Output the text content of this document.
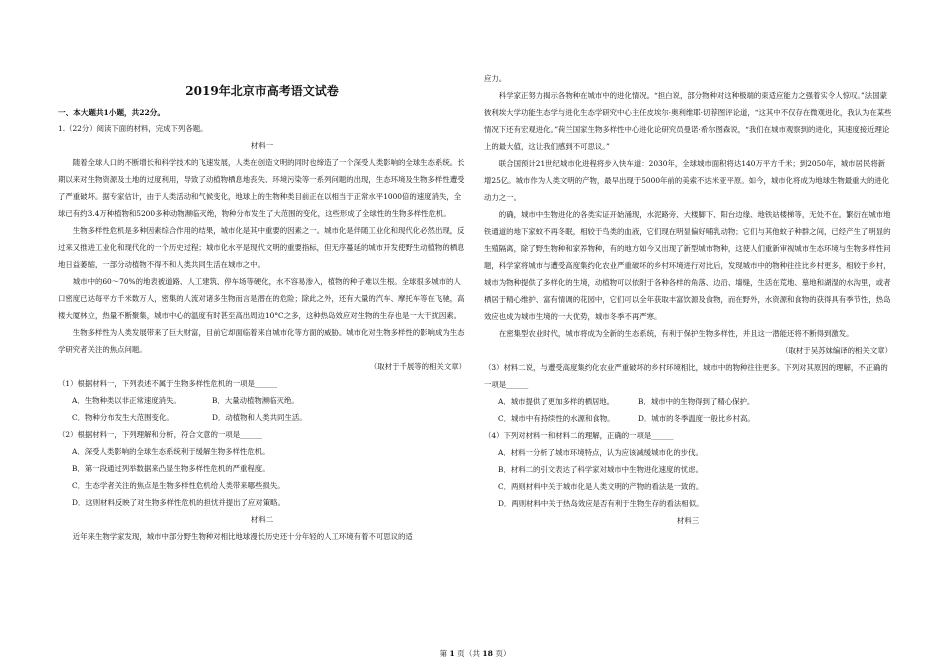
2019年北京市高考语文试卷
一、本大题共1小题，共22分。

1.（22分）阅读下面的材料，完成下列各题。

材料一

随着全球人口的不断增长和科学技术的飞速发展，人类在创造文明的同时也缔造了一个深受人类影响的全球生态系统。长期以来对生物资源及土地的过度利用，导致了动植物栖息地丧失、环境污染等一系列问题的出现，生态环境及生物多样性遭受了严重破坏。据专家估计，由于人类活动和气候变化，地球上的生物种类目前正在以相当于正常水平1000倍的速度消失，全球已有约3.4万种植物和5200多种动物濒临灭绝，物种分布发生了大范围的变化，这些形成了全球性的生物多样性危机。

生物多样性危机是多种因素综合作用的结果，城市化是其中重要的因素之一。城市化是伴随工业化和现代化必然出现，反过来又推进工业化和现代化的一个历史过程；城市化水平是现代文明的重要指标，但无序蔓延的城市开发使野生动植物的栖息地日益萎缩，一部分动植物不得不和人类共同生活在城市之中。

城市中的60～70%的地表被道路、人工建筑、停车场等硬化，水不容易渗入，植物的种子难以生根。全球很多城市的人口密度已达每平方千米数万人，密集的人流对诸多生物而言是潜在的危险；除此之外，还有大量的汽车、摩托车等在飞驰，高楼大厦林立，热量不断聚集，城市中心的温度有时甚至高出周边10°C之多，这种热岛效应对生物的生存也是一大干扰因素。

生物多样性为人类发展带来了巨大财富，目前它却面临着来自城市化等方面的威胁。城市化对生物多样性的影响成为生态学研究者关注的焦点问题。

（取材于千展等的相关文章）

（1）根据材料一，下列表述不属于生物多样性危机的一项是______

A．生物种类以非正常速度消失。	B．大量动植物濒临灭绝。

C．物种分布发生大范围变化。	D．动植物和人类共同生活。

（2）根据材料一，下列理解和分析，符合文意的一项是______

A．深受人类影响的全球生态系统利于缓解生物多样性危机。

B．第一段通过列举数据来凸显生物多样性危机的严重程度。

C．生态学者关注的焦点是生物多样性危机给人类带来哪些损失。

D．这则材料反映了对生物多样性危机的担忧并提出了应对策略。

材料二

近年来生物学家发现，城市中部分野生物种对相比地球漫长历史还十分年轻的人工环境有着不可思议的适

应力。

科学家正努力揭示各物种在城市中的进化情况。“担白说，部分物种对这种极端的束适应能力之强着实令人惊叹。”法国蒙彼利埃大学功能生态学与进化生态学研究中心主任皮埃尔·奥利维耶·切荐图评论道，“这其中不仅存在微观进化，我认为在某些情况下还有宏观进化。”荷兰国家生物多样性中心进化论研究员曼诺·希尔图森说，“我们在城市观察到的进化，其速度接近理论上的最大值，这让我们感到不可思议。”

联合国预计21世纪城市化进程将步入快车道：2030年，全球城市面积将达140万平方千米；到2050年，城市居民将新增25亿。城市作为人类文明的产物，最早出现于5000年前的美索不达米亚平原。如今，城市化将成为地球生物最重大的进化动力之一。

的确，城市中生物进化的各类实证开始涌现，水泥路旁、大楼脚下、阳台边缘、地铁站楼梯等，无处不在。繁衍在城市地铁通道的地下家蚊不再冬眠，相较于鸟类的血液，它们现在明显偏好哺乳动物；它们与其他蚊子种群之间，已经产生了明显的生殖隔离，除了野生物种和家养物种，有的地方如今又出现了新型城市物种，这使人们重新审视城市生态环境与生物多样性问题，科学家将城市与遭受高度集约化农业严重破坏的乡村环境进行对比后，发现城市中的物种往往比乡村更多，相较于乡村，城市为物种提供了多样化的生境，动植物可以依附于各种各样的角落、边沿、墙缝，生活在荒地、墓地和湖湿的水沟里，或者栖居于精心维护、富有情调的花园中，它们可以全年获取丰富饮源及食物，而在野外，水资源和食物的获得具有季节性，热岛效应也成为城市生境的一大优势，城市冬季不再严寒。

在密集型农业时代，城市将成为全新的生态系统，有利于保护生物多样性，并且这一潜能还将不断得到激发。

（取材于吴苏妹编译的相关文章）

（3）材料二说，与遭受高度集约化农业严重破坏的乡村环境相比，城市中的物种往往更多。下列对其原因的理解，不正确的一项是______

A．城市提供了更加多样的栖居地。	B．城市中的生物得到了精心保护。

C．城市中有持续性的水源和食物。	D．城市的冬季温度一般比乡村高。

（4）下列对材料一和材料二的理解，正确的一项是______

A．材料一分析了城市环境特点，认为应该减缓城市化的步伐。

B．材料二的引文表达了科学家对城市中生物进化速度的忧虑。

C．两则材料中关于城市化是人类文明的产物的看法是一致的。

D．两则材料中关于热岛效应是否有利于生物生存的看法相似。

材料三

第 1 页（共 18 页）
